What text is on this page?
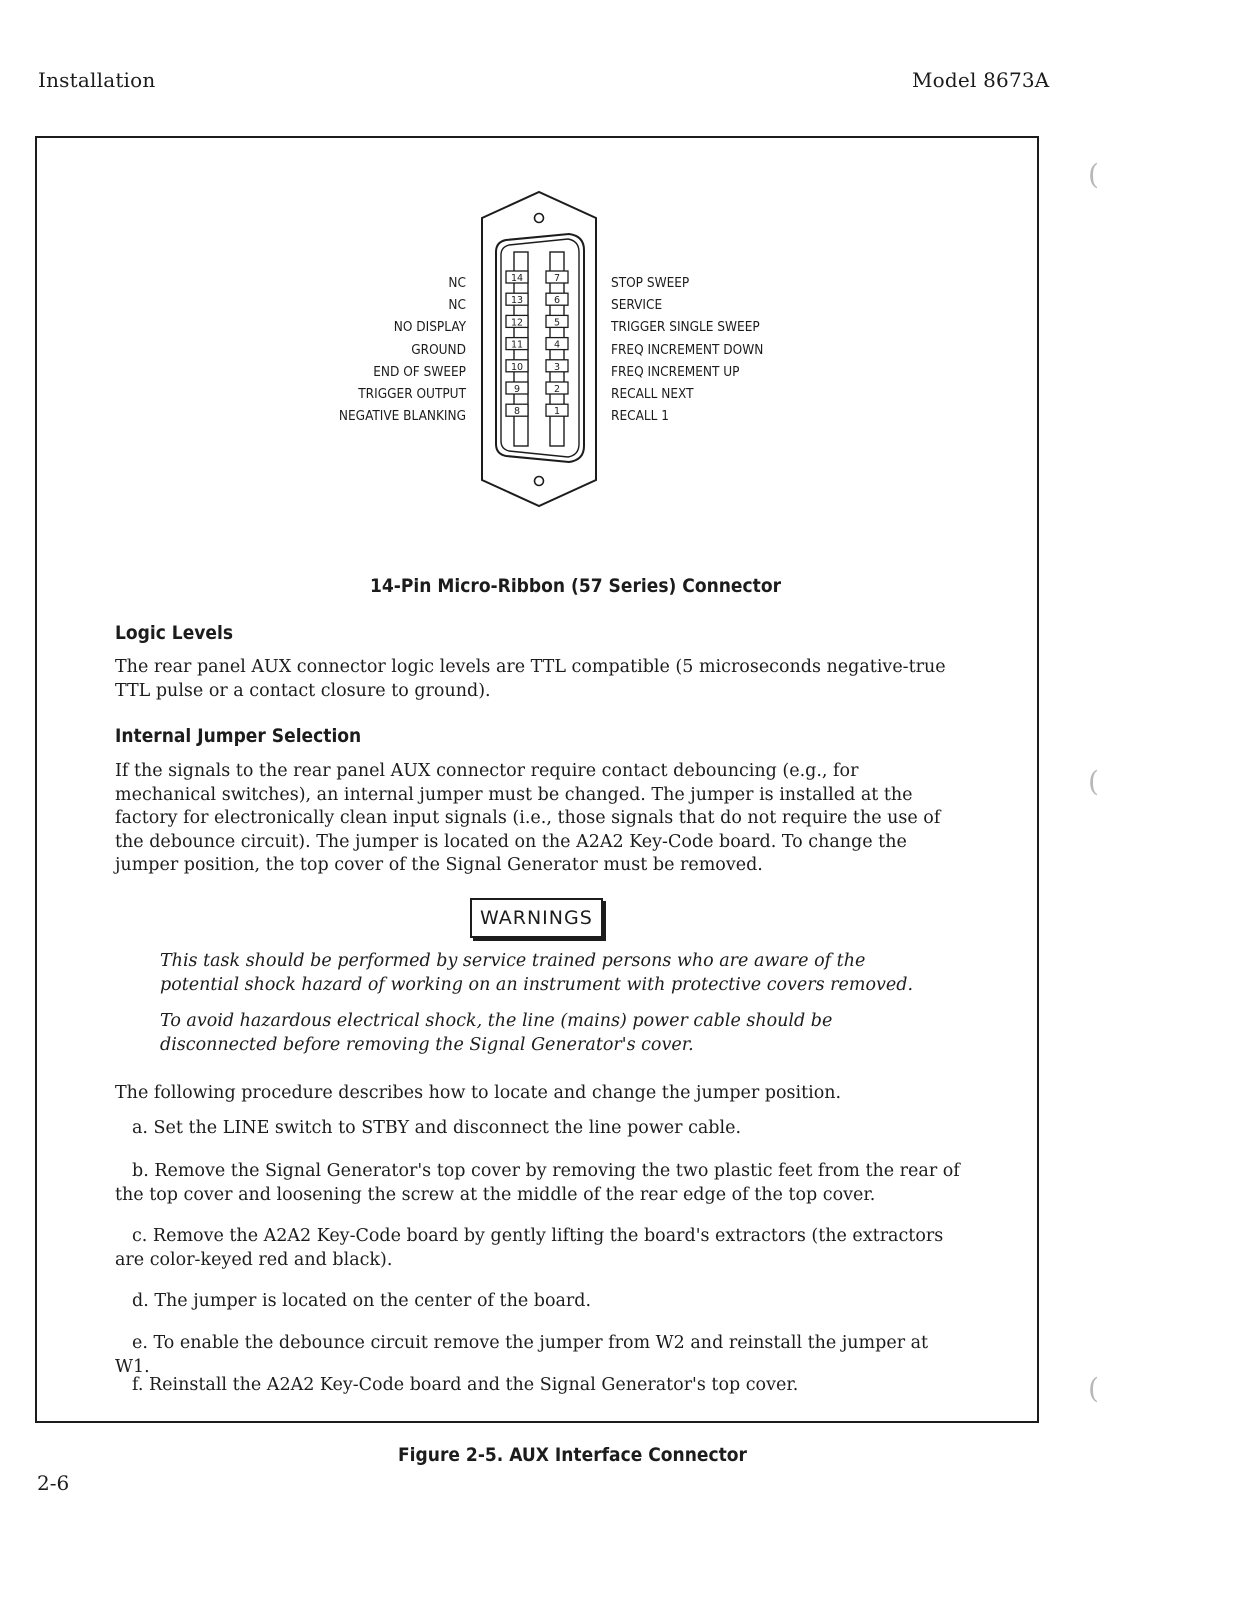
Installation	Model 8673A
NC
NC
NO DISPLAY
GROUND
END OF SWEEP
TRIGGER OUTPUT
NEGATIVE BLANKING
14
13
12
11
10
9
8
7
6
5
4
3
2
1
STOP SWEEP
SERVICE
TRIGGER SINGLE SWEEP
FREQ INCREMENT DOWN
FREQ INCREMENT UP
RECALL NEXT
RECALL 1
14-Pin Micro-Ribbon (57 Series) Connector
Logic Levels
The rear panel AUX connector logic levels are TTL compatible (5 microseconds negative-true TTL pulse or a contact closure to ground).
Internal Jumper Selection
If the signals to the rear panel AUX connector require contact debouncing (e.g., for mechanical switches), an internal jumper must be changed. The jumper is installed at the factory for electronically clean input signals (i.e., those signals that do not require the use of the debounce circuit). The jumper is located on the A2A2 Key-Code board. To change the jumper position, the top cover of the Signal Generator must be removed.
WARNINGS
This task should be performed by service trained persons who are aware of the potential shock hazard of working on an instrument with protective covers removed.
To avoid hazardous electrical shock, the line (mains) power cable should be disconnected before removing the Signal Generator's cover.
The following procedure describes how to locate and change the jumper position.
a. Set the LINE switch to STBY and disconnect the line power cable.
b. Remove the Signal Generator's top cover by removing the two plastic feet from the rear of the top cover and loosening the screw at the middle of the rear edge of the top cover.
c. Remove the A2A2 Key-Code board by gently lifting the board's extractors (the extractors are color-keyed red and black).
d. The jumper is located on the center of the board.
e. To enable the debounce circuit remove the jumper from W2 and reinstall the jumper at W1.
f. Reinstall the A2A2 Key-Code board and the Signal Generator's top cover.
Figure 2-5. AUX Interface Connector
2-6
(
(
(
